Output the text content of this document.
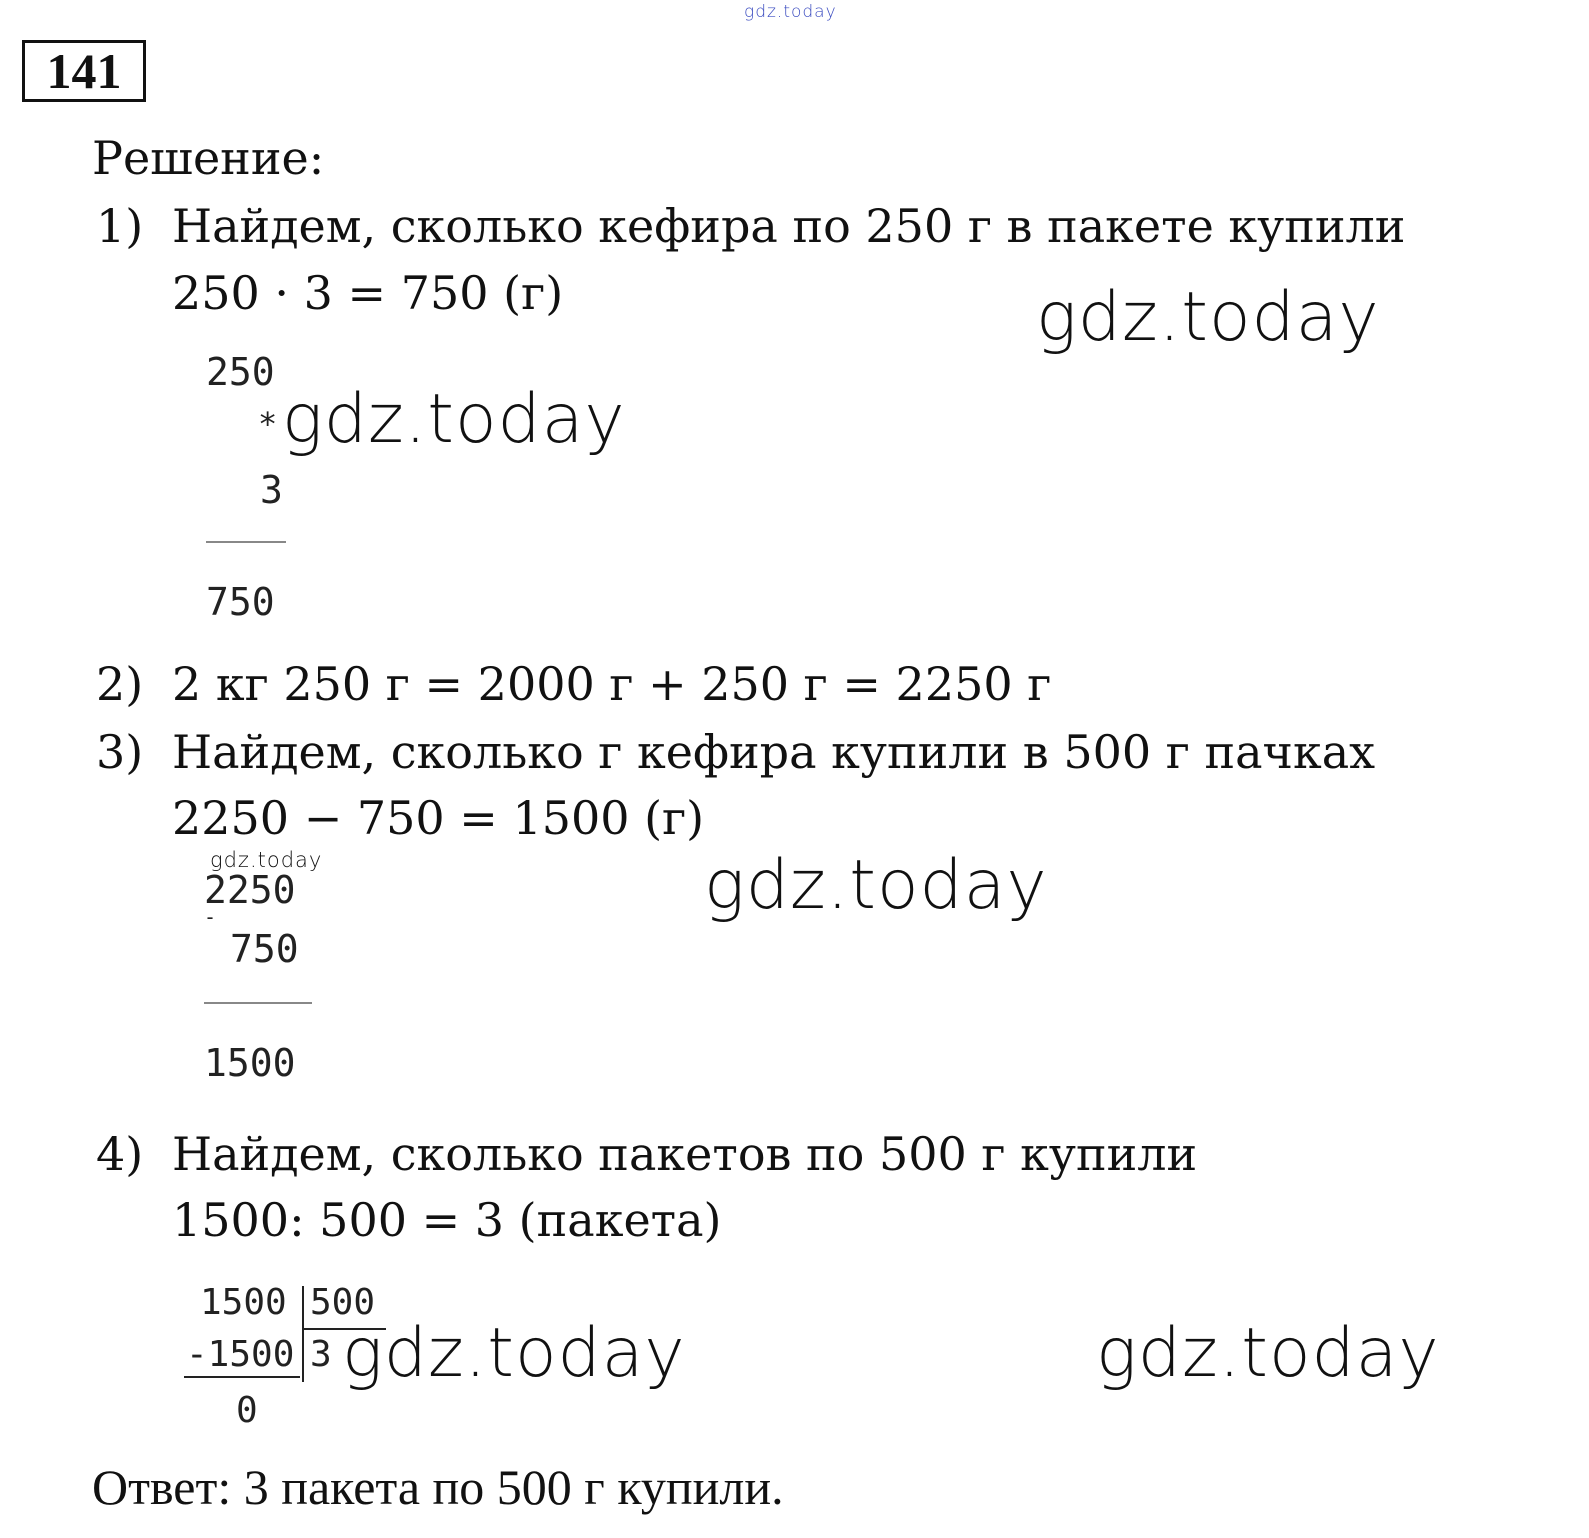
gdz.today
141
Решение:
1) Найдем, сколько кефира по 250 г в пакете купили
250 · 3 = 750 (г)	gdz.today
250
* gdz.today
3
750
2) 2 кг 250 г = 2000 г + 250 г = 2250 г
3) Найдем, сколько г кефира купили в 500 г пачках
2250 − 750 = 1500 (г)
gdz.today	gdz.today
2250
-
750
1500
4) Найдем, сколько пакетов по 500 г купили
1500: 500 = 3 (пакета)
1500 500
-1500 3
0
gdz.today	gdz.today
Ответ: 3 пакета по 500 г купили.
